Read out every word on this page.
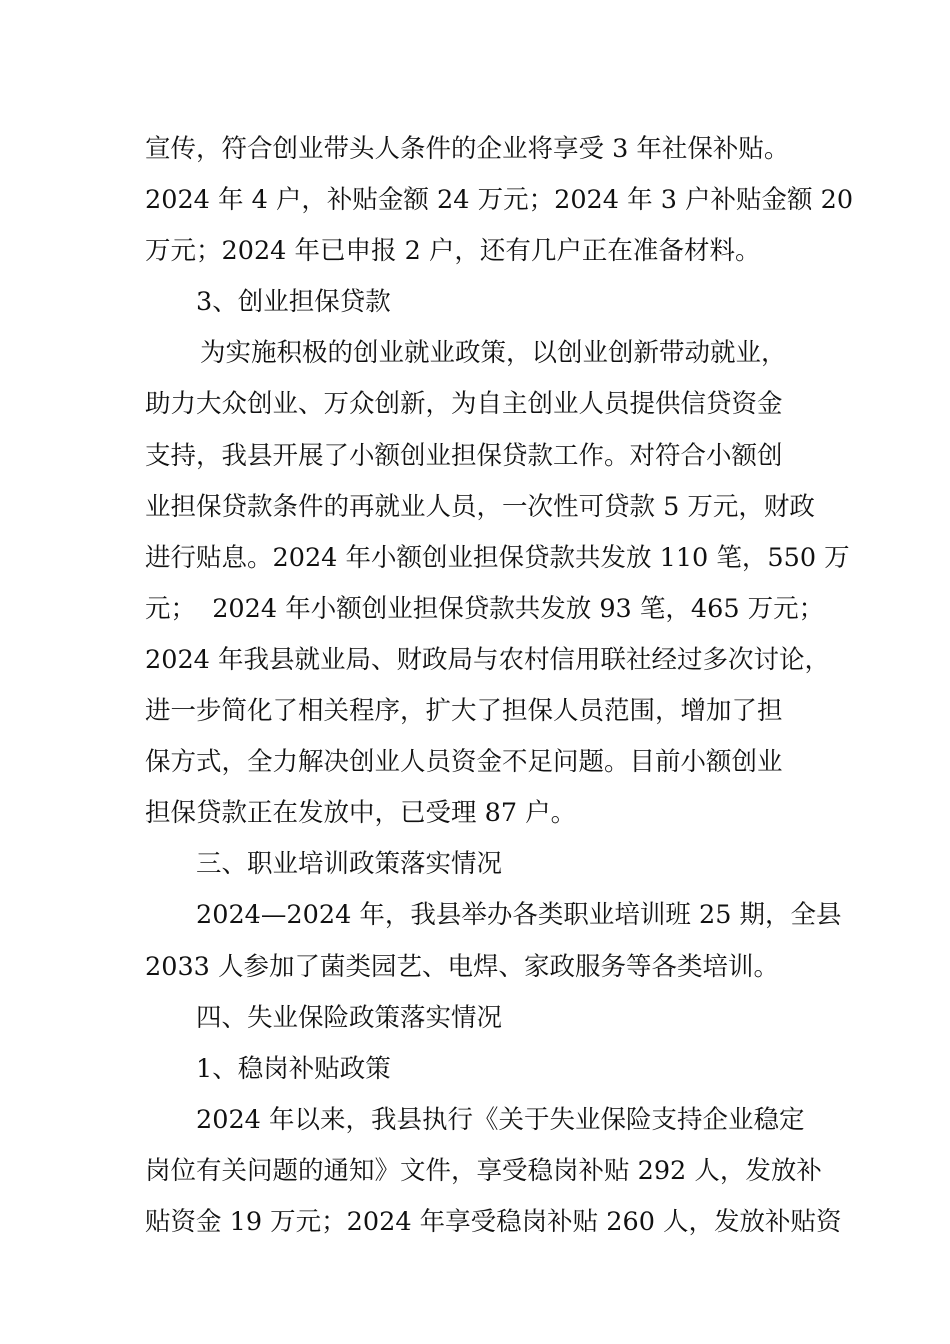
宣传，符合创业带头人条件的企业将享受 3 年社保补贴。
2024 年 4 户，补贴金额 24 万元；2024 年 3 户补贴金额 20
万元；2024 年已申报 2 户，还有几户正在准备材料。
3、创业担保贷款
为实施积极的创业就业政策，以创业创新带动就业，
助力大众创业、万众创新，为自主创业人员提供信贷资金
支持，我县开展了小额创业担保贷款工作。对符合小额创
业担保贷款条件的再就业人员，一次性可贷款 5 万元，财政
进行贴息。2024 年小额创业担保贷款共发放 110 笔，550 万
元；  2024 年小额创业担保贷款共发放 93 笔，465 万元；
2024 年我县就业局、财政局与农村信用联社经过多次讨论，
进一步简化了相关程序，扩大了担保人员范围，增加了担
保方式，全力解决创业人员资金不足问题。目前小额创业
担保贷款正在发放中，已受理 87 户。
三、职业培训政策落实情况
2024—2024 年，我县举办各类职业培训班 25 期，全县
2033 人参加了菌类园艺、电焊、家政服务等各类培训。
四、失业保险政策落实情况
1、稳岗补贴政策
2024 年以来，我县执行《关于失业保险支持企业稳定
岗位有关问题的通知》文件，享受稳岗补贴 292 人，发放补
贴资金 19 万元；2024 年享受稳岗补贴 260 人，发放补贴资
